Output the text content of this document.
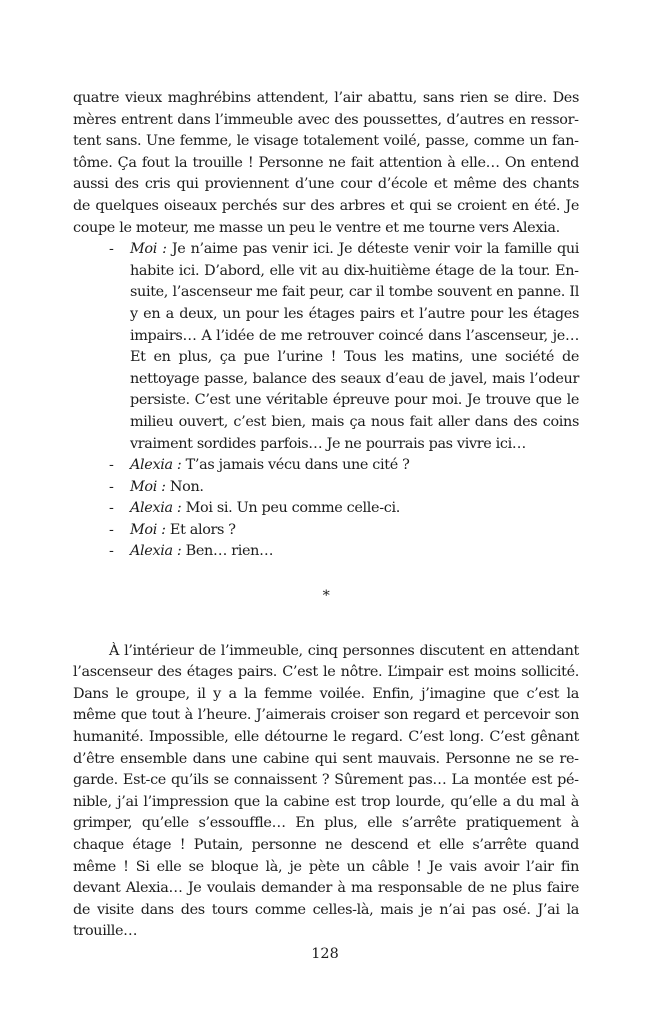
quatre vieux maghrébins attendent, l’air abattu, sans rien se dire. Des mères entrent dans l’immeuble avec des poussettes, d’autres en ressortent sans. Une femme, le visage totalement voilé, passe, comme un fantôme. Ça fout la trouille ! Personne ne fait attention à elle… On entend aussi des cris qui proviennent d’une cour d’école et même des chants de quelques oiseaux perchés sur des arbres et qui se croient en été. Je coupe le moteur, me masse un peu le ventre et me tourne vers Alexia.

- Moi : Je n’aime pas venir ici. Je déteste venir voir la famille qui habite ici. D’abord, elle vit au dix-huitième étage de la tour. Ensuite, l’ascenseur me fait peur, car il tombe souvent en panne. Il y en a deux, un pour les étages pairs et l’autre pour les étages impairs… A l’idée de me retrouver coincé dans l’ascenseur, je… Et en plus, ça pue l’urine ! Tous les matins, une société de nettoyage passe, balance des seaux d’eau de javel, mais l’odeur persiste. C’est une véritable épreuve pour moi. Je trouve que le milieu ouvert, c’est bien, mais ça nous fait aller dans des coins vraiment sordides parfois… Je ne pourrais pas vivre ici…
- Alexia : T’as jamais vécu dans une cité ?
- Moi : Non.
- Alexia : Moi si. Un peu comme celle-ci.
- Moi : Et alors ?
- Alexia : Ben… rien…
*

À l’intérieur de l’immeuble, cinq personnes discutent en attendant l’ascenseur des étages pairs. C’est le nôtre. L’impair est moins sollicité. Dans le groupe, il y a la femme voilée. Enfin, j’imagine que c’est la même que tout à l’heure. J’aimerais croiser son regard et percevoir son humanité. Impossible, elle détourne le regard. C’est long. C’est gênant d’être ensemble dans une cabine qui sent mauvais. Personne ne se regarde. Est-ce qu’ils se connaissent ? Sûrement pas… La montée est pénible, j’ai l’impression que la cabine est trop lourde, qu’elle a du mal à grimper, qu’elle s’essouffle… En plus, elle s’arrête pratiquement à chaque étage ! Putain, personne ne descend et elle s’arrête quand même ! Si elle se bloque là, je pète un câble ! Je vais avoir l’air fin devant Alexia… Je voulais demander à ma responsable de ne plus faire de visite dans des tours comme celles-là, mais je n’ai pas osé. J’ai la trouille…

128
